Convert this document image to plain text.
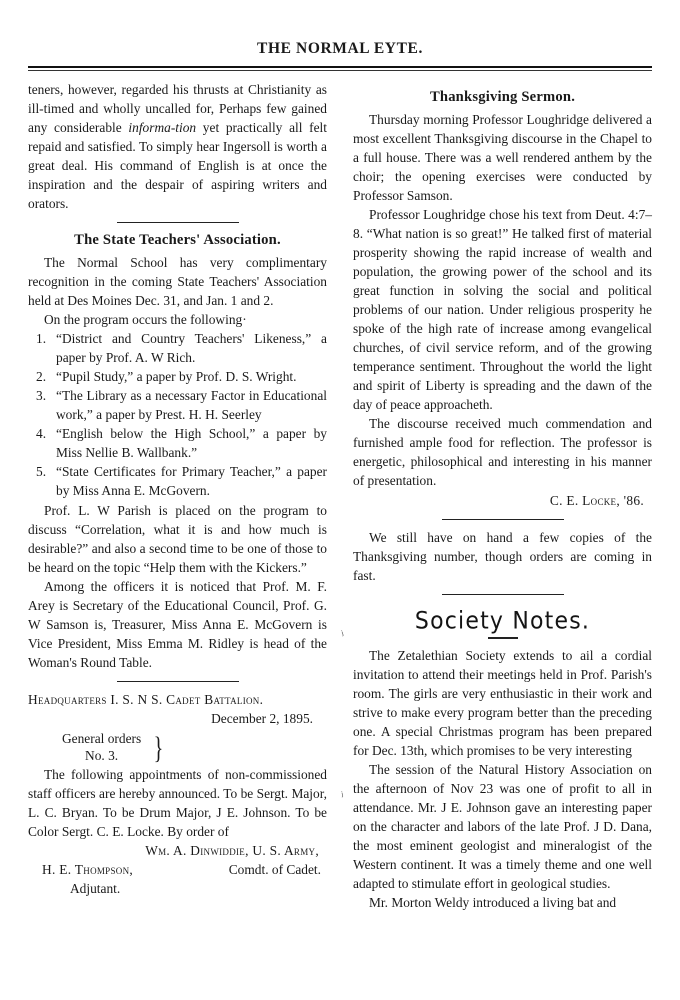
THE NORMAL EYTE.

teners, however, regarded his thrusts at Christianity as ill-timed and wholly uncalled for, Perhaps few gained any considerable informa-tion yet practically all felt repaid and satisfied. To simply hear Ingersoll is worth a great deal. His command of English is at once the inspiration and the despair of aspiring writers and orators.

The State Teachers' Association.

The Normal School has very complimentary recognition in the coming State Teachers' Association held at Des Moines Dec. 31, and Jan. 1 and 2.

On the program occurs the following·

1. “District and Country Teachers' Likeness,” a paper by Prof. A. W Rich.
2. “Pupil Study,” a paper by Prof. D. S. Wright.
3. “The Library as a necessary Factor in Educational work,” a paper by Prest. H. H. Seerley
4. “English below the High School,” a paper by Miss Nellie B. Wallbank.”
5. “State Certificates for Primary Teacher,” a paper by Miss Anna E. McGovern.

Prof. L. W Parish is placed on the program to discuss “Correlation, what it is and how much is desirable?” and also a second time to be one of those to be heard on the topic “Help them with the Kickers.”

Among the officers it is noticed that Prof. M. F. Arey is Secretary of the Educational Council, Prof. G. W Samson is, Treasurer, Miss Anna E. McGovern is Vice President, Miss Emma M. Ridley is head of the Woman's Round Table.

Headquarters I. S. N S. Cadet Battalion.
December 2, 1895.
General orders
No. 3.	}

The following appointments of non-commissioned staff officers are hereby announced. To be Sergt. Major, L. C. Bryan. To be Drum Major, J E. Johnson. To be Color Sergt. C. E. Locke. By order of

Wm. A. Dinwiddie, U. S. Army,
H. E. Thompson,	Comdt. of Cadet.
Adjutant.
Thanksgiving Sermon.

Thursday morning Professor Loughridge delivered a most excellent Thanksgiving discourse in the Chapel to a full house. There was a well rendered anthem by the choir; the opening exercises were conducted by Professor Samson.

Professor Loughridge chose his text from Deut. 4:7–8. “What nation is so great!” He talked first of material prosperity showing the rapid increase of wealth and population, the growing power of the school and its great function in solving the social and political problems of our nation. Under religious prosperity he spoke of the high rate of increase among evangelical churches, of civil service reform, and of the growing temperance sentiment. Throughout the world the light and spirit of Liberty is spreading and the dawn of the day of peace approacheth.

The discourse received much commendation and furnished ample food for reflection. The professor is energetic, philosophical and interesting in his manner of presentation.

C. E. Locke, '86.

We still have on hand a few copies of the Thanksgiving number, though orders are coming in fast.

Society Notes.

The Zetalethian Society extends to ail a cordial invitation to attend their meetings held in Prof. Parish's room. The girls are very enthusiastic in their work and strive to make every program better than the preceding one. A special Christmas program has been prepared for Dec. 13th, which promises to be very interesting

The session of the Natural History Association on the afternoon of Nov 23 was one of profit to all in attendance. Mr. J E. Johnson gave an interesting paper on the character and labors of the late Prof. J D. Dana, the most eminent geologist and mineralogist of the Western continent. It was a timely theme and one well adapted to stimulate effort in geological studies.

Mr. Morton Weldy introduced a living bat and

ⱼ
ⱼ
